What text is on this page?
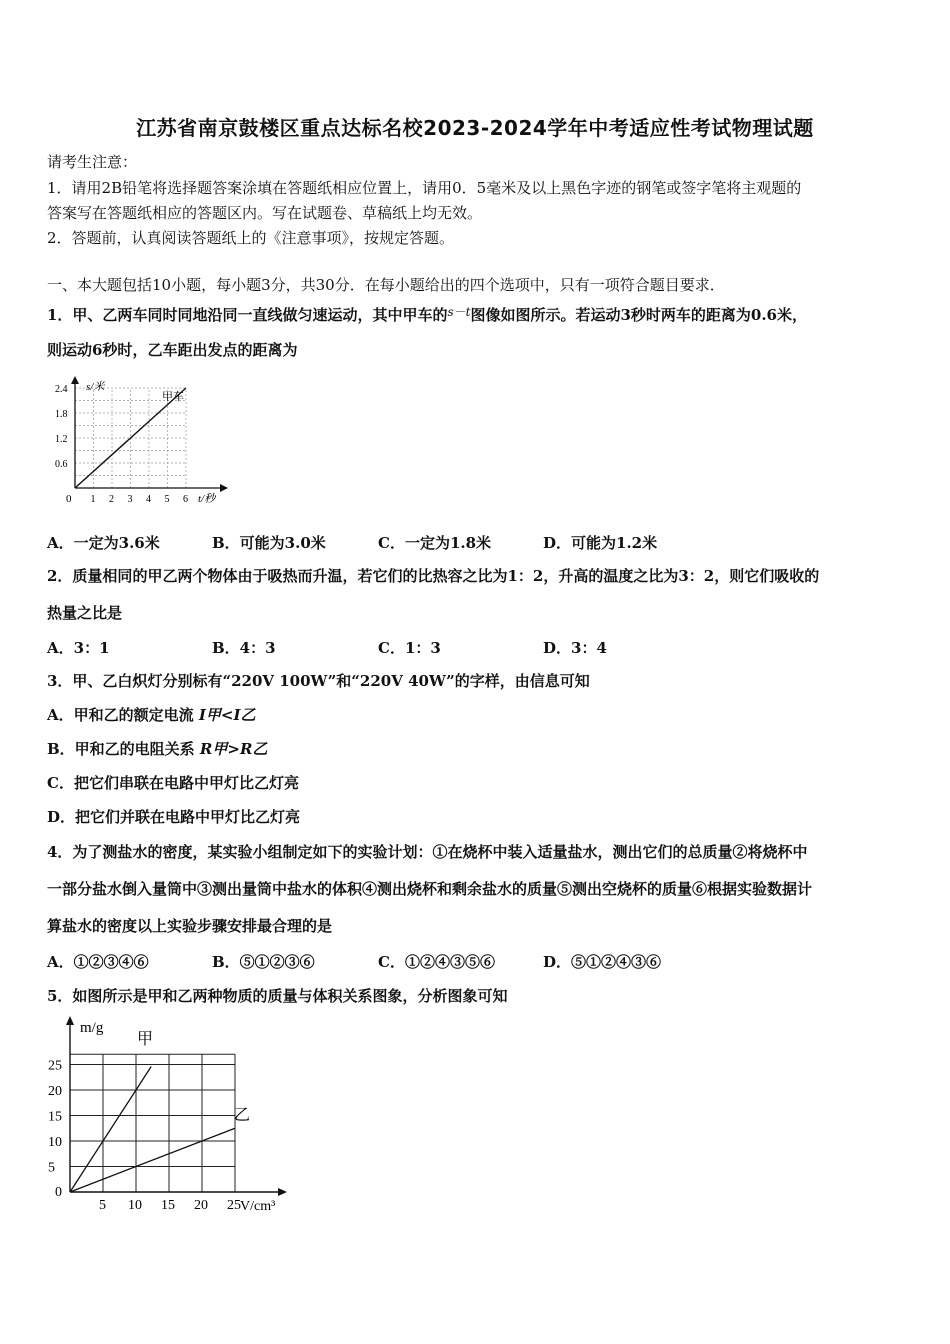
江苏省南京鼓楼区重点达标名校2023-2024学年中考适应性考试物理试题
请考生注意：
1．请用2B铅笔将选择题答案涂填在答题纸相应位置上，请用0．5毫米及以上黑色字迹的钢笔或签字笔将主观题的
答案写在答题纸相应的答题区内。写在试题卷、草稿纸上均无效。
2．答题前，认真阅读答题纸上的《注意事项》，按规定答题。
一、本大题包括10小题，每小题3分，共30分．在每小题给出的四个选项中，只有一项符合题目要求．
1．甲、乙两车同时同地沿同一直线做匀速运动，其中甲车的$^{s-t}$图像如图所示。若运动3秒时两车的距离为0.6米，
则运动6秒时，乙车距出发点的距离为
2.4
1.8
1.2
0.6
1 2 3 4 5 6
0
s/米
t/秒
甲车
A．一定为3.6米	B．可能为3.0米	C．一定为1.8米	D．可能为1.2米
2．质量相同的甲乙两个物体由于吸热而升温，若它们的比热容之比为1：2，升高的温度之比为3：2，则它们吸收的
热量之比是
A．3：1	B．4：3	C．1：3	D．3：4
3．甲、乙白炽灯分别标有“220V 100W”和“220V 40W”的字样，由信息可知
A．甲和乙的额定电流 I甲<I乙
B．甲和乙的电阻关系 R甲>R乙
C．把它们串联在电路中甲灯比乙灯亮
D．把它们并联在电路中甲灯比乙灯亮
4．为了测盐水的密度，某实验小组制定如下的实验计划：①在烧杯中装入适量盐水，测出它们的总质量②将烧杯中
一部分盐水倒入量筒中③测出量筒中盐水的体积④测出烧杯和剩余盐水的质量⑤测出空烧杯的质量⑥根据实验数据计
算盐水的密度以上实验步骤安排最合理的是
A．①②③④⑥	B．⑤①②③⑥	C．①②④③⑤⑥	D．⑤①②④③⑥
5．如图所示是甲和乙两种物质的质量与体积关系图象，分析图象可知
25
20
15
10
5
5 10 15 20 25
0
m/g
V/cm³
甲
乙
